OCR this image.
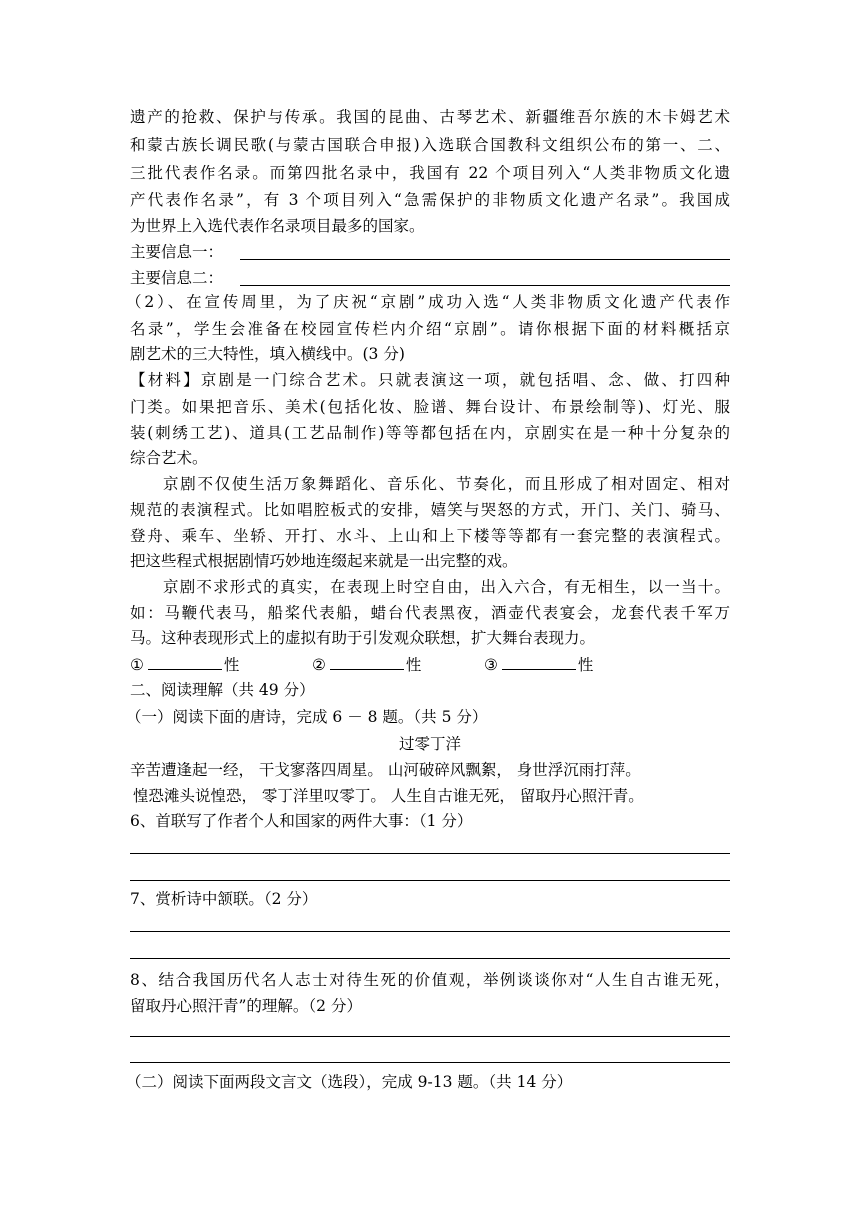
遗产的抢救、保护与传承。我国的昆曲、古琴艺术、新疆维吾尔族的木卡姆艺术
和蒙古族长调民歌(与蒙古国联合申报)入选联合国教科文组织公布的第一、二、
三批代表作名录。而第四批名录中，我国有 22 个项目列入“人类非物质文化遗
产代表作名录”，有 3 个项目列入“急需保护的非物质文化遗产名录”。我国成
为世界上入选代表作名录项目最多的国家。
主要信息一：
主要信息二：
（2）、在宣传周里，为了庆祝“京剧”成功入选“人类非物质文化遗产代表作
名录”，学生会准备在校园宣传栏内介绍“京剧”。请你根据下面的材料概括京
剧艺术的三大特性，填入横线中。(3 分)
【材料】京剧是一门综合艺术。只就表演这一项，就包括唱、念、做、打四种
门类。如果把音乐、美术(包括化妆、脸谱、舞台设计、布景绘制等)、灯光、服
装(刺绣工艺)、道具(工艺品制作)等等都包括在内，京剧实在是一种十分复杂的
综合艺术。
京剧不仅使生活万象舞蹈化、音乐化、节奏化，而且形成了相对固定、相对
规范的表演程式。比如唱腔板式的安排，嬉笑与哭怒的方式，开门、关门、骑马、
登舟、乘车、坐轿、开打、水斗、上山和上下楼等等都有一套完整的表演程式。
把这些程式根据剧情巧妙地连缀起来就是一出完整的戏。
京剧不求形式的真实，在表现上时空自由，出入六合，有无相生，以一当十。
如：马鞭代表马，船桨代表船，蜡台代表黑夜，酒壶代表宴会，龙套代表千军万
马。这种表现形式上的虚拟有助于引发观众联想，扩大舞台表现力。
①	性	②	性	③	性
二、阅读理解（共 49 分）
（一）阅读下面的唐诗，完成 6 － 8 题。（共 5 分）
过零丁洋
辛苦遭逢起一经， 干戈寥落四周星。 山河破碎风飘絮， 身世浮沉雨打萍。
惶恐滩头说惶恐， 零丁洋里叹零丁。 人生自古谁无死， 留取丹心照汗青。
6、首联写了作者个人和国家的两件大事：（1 分）
7、赏析诗中颔联。（2 分）
8、结合我国历代名人志士对待生死的价值观，举例谈谈你对“人生自古谁无死，
留取丹心照汗青”的理解。（2 分）
（二）阅读下面两段文言文（选段），完成 9-13 题。（共 14 分）
